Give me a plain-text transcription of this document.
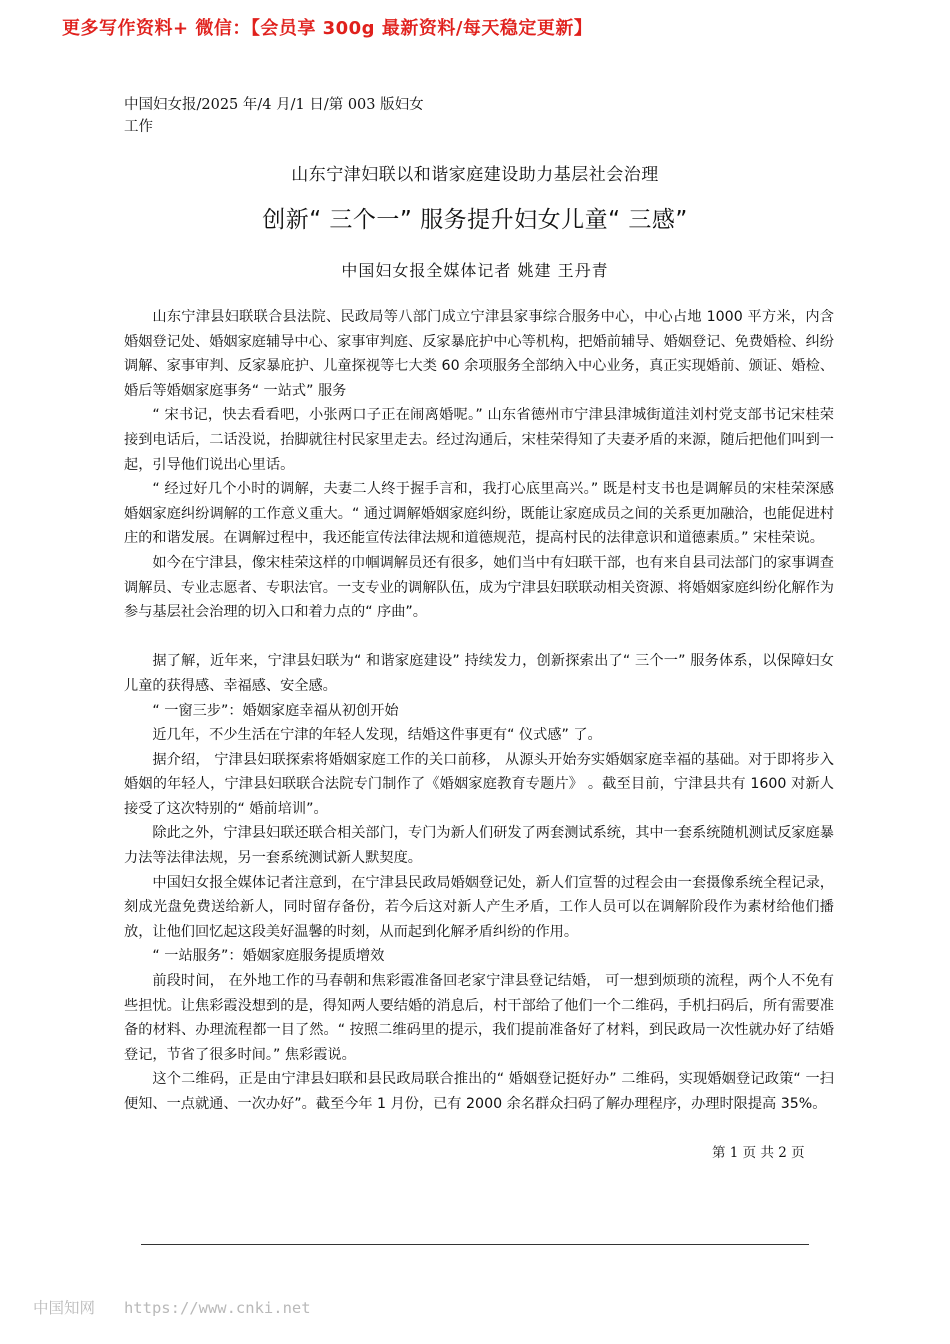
更多写作资料+ 微信：【会员享 300g 最新资料/每天稳定更新】
中国妇女报/2025 年/4 月/1 日/第 003 版妇女工作
山东宁津妇联以和谐家庭建设助力基层社会治理
创新“ 三个一” 服务提升妇女儿童“ 三感”
中国妇女报全媒体记者 姚建 王丹青

山东宁津县妇联联合县法院、民政局等八部门成立宁津县家事综合服务中心，中心占地 1000 平方米，内含婚姻登记处、婚姻家庭辅导中心、家事审判庭、反家暴庇护中心等机构，把婚前辅导、婚姻登记、免费婚检、纠纷调解、家事审判、反家暴庇护、儿童探视等七大类 60 余项服务全部纳入中心业务，真正实现婚前、颁证、婚检、婚后等婚姻家庭事务“ 一站式” 服务

“ 宋书记，快去看看吧，小张两口子正在闹离婚呢。” 山东省德州市宁津县津城街道洼刘村党支部书记宋桂荣接到电话后，二话没说，抬脚就往村民家里走去。经过沟通后，宋桂荣得知了夫妻矛盾的来源，随后把他们叫到一起，引导他们说出心里话。

“ 经过好几个小时的调解，夫妻二人终于握手言和，我打心底里高兴。” 既是村支书也是调解员的宋桂荣深感婚姻家庭纠纷调解的工作意义重大。“ 通过调解婚姻家庭纠纷，既能让家庭成员之间的关系更加融洽，也能促进村庄的和谐发展。在调解过程中，我还能宣传法律法规和道德规范，提高村民的法律意识和道德素质。” 宋桂荣说。

如今在宁津县，像宋桂荣这样的巾帼调解员还有很多，她们当中有妇联干部，也有来自县司法部门的家事调查调解员、专业志愿者、专职法官。一支专业的调解队伍，成为宁津县妇联联动相关资源、将婚姻家庭纠纷化解作为参与基层社会治理的切入口和着力点的“ 序曲”。

据了解，近年来，宁津县妇联为“ 和谐家庭建设” 持续发力，创新探索出了“ 三个一” 服务体系，以保障妇女儿童的获得感、幸福感、安全感。

“ 一窗三步”：婚姻家庭幸福从初创开始

近几年，不少生活在宁津的年轻人发现，结婚这件事更有“ 仪式感” 了。

据介绍， 宁津县妇联探索将婚姻家庭工作的关口前移， 从源头开始夯实婚姻家庭幸福的基础。对于即将步入婚姻的年轻人，宁津县妇联联合法院专门制作了《婚姻家庭教育专题片》 。截至目前，宁津县共有 1600 对新人接受了这次特别的“ 婚前培训”。

除此之外，宁津县妇联还联合相关部门，专门为新人们研发了两套测试系统，其中一套系统随机测试反家庭暴力法等法律法规，另一套系统测试新人默契度。

中国妇女报全媒体记者注意到，在宁津县民政局婚姻登记处，新人们宣誓的过程会由一套摄像系统全程记录，刻成光盘免费送给新人，同时留存备份，若今后这对新人产生矛盾，工作人员可以在调解阶段作为素材给他们播放，让他们回忆起这段美好温馨的时刻，从而起到化解矛盾纠纷的作用。

“ 一站服务”：婚姻家庭服务提质增效

前段时间， 在外地工作的马春朝和焦彩霞准备回老家宁津县登记结婚， 可一想到烦琐的流程，两个人不免有些担忧。让焦彩霞没想到的是，得知两人要结婚的消息后，村干部给了他们一个二维码，手机扫码后，所有需要准备的材料、办理流程都一目了然。“ 按照二维码里的提示，我们提前准备好了材料，到民政局一次性就办好了结婚登记，节省了很多时间。” 焦彩霞说。

这个二维码，正是由宁津县妇联和县民政局联合推出的“ 婚姻登记挺好办” 二维码，实现婚姻登记政策“ 一扫便知、一点就通、一次办好”。截至今年 1 月份，已有 2000 余名群众扫码了解办理程序，办理时限提高 35%。

第 1 页 共 2 页
中国知网 https://www.cnki.net
